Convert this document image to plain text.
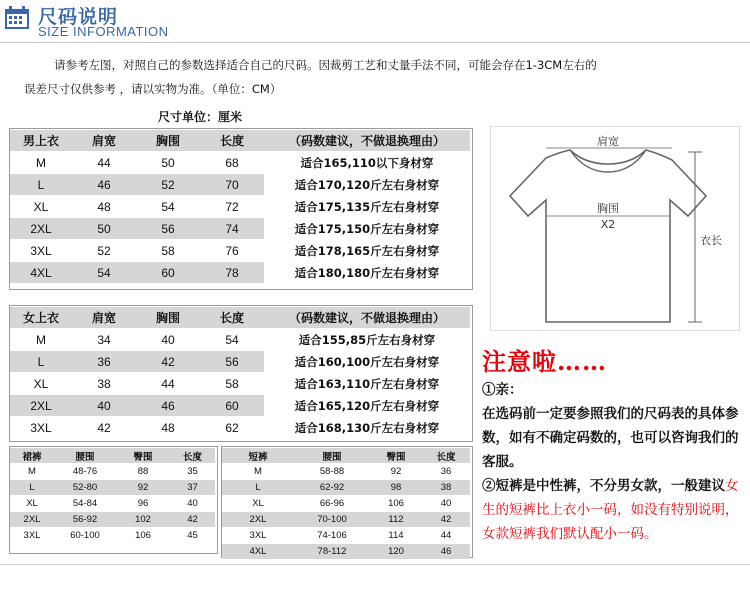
尺码说明
SIZE INFORMATION
请参考左图，对照自己的参数选择适合自己的尺码。因裁剪工艺和丈量手法不同，可能会存在1-3CM左右的
误差尺寸仅供参考 ，请以实物为准。（单位：CM）
尺寸单位：厘米
男上衣	肩宽	胸围	长度	（码数建议，不做退换理由）
M	44	50	68	适合165,110以下身材穿
L	46	52	70	适合170,120斤左右身材穿
XL	48	54	72	适合175,135斤左右身材穿
2XL	50	56	74	适合175,150斤左右身材穿
3XL	52	58	76	适合178,165斤左右身材穿
4XL	54	60	78	适合180,180斤左右身材穿
女上衣	肩宽	胸围	长度	（码数建议，不做退换理由）
M	34	40	54	适合155,85斤左右身材穿
L	36	42	56	适合160,100斤左右身材穿
XL	38	44	58	适合163,110斤左右身材穿
2XL	40	46	60	适合165,120斤左右身材穿
3XL	42	48	62	适合168,130斤左右身材穿
裙裤	腰围	臀围	长度
M	48-76	88	35
L	52-80	92	37
XL	54-84	96	40
2XL	56-92	102	42
3XL	60-100	106	45
短裤	腰围	臀围	长度
M	58-88	92	36
L	62-92	98	38
XL	66-96	106	40
2XL	70-100	112	42
3XL	74-106	114	44
4XL	78-112	120	46
肩宽
胸围
X2
衣长
注意啦……
①亲：
在选码前一定要参照我们的尺码表的具体参数，如有不确定码数的，也可以咨询我们的客服。
②短裤是中性裤，不分男女款，一般建议女生的短裤比上衣小一码，如没有特别说明，女款短裤我们默认配小一码。
